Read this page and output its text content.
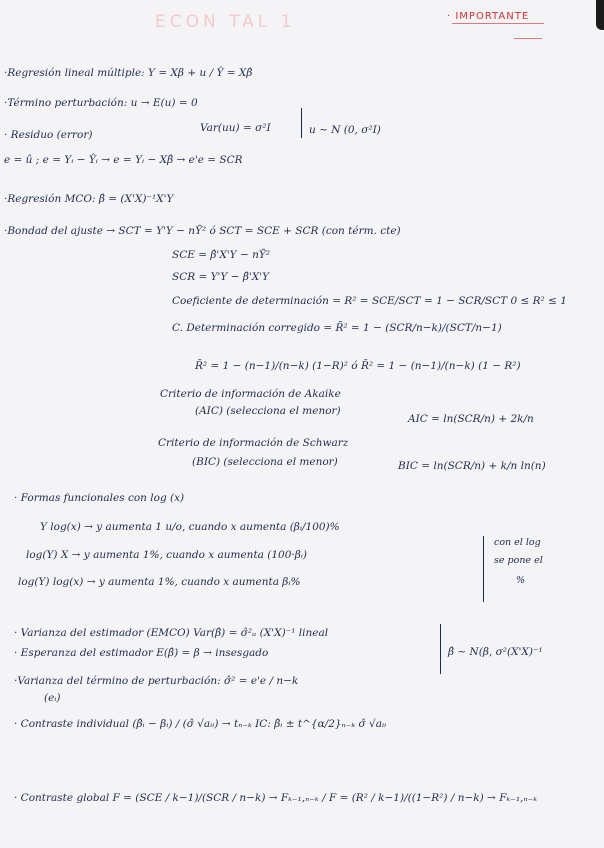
ECON TAL 1	· IMPORTANTE
·Regresión lineal múltiple: Y = Xβ + u / Ŷ = Xβ̂
·Término perturbación: u → E(u) = 0
Var(uu) = σ²I	u ~ N (0, σ²I)
· Residuo (error)
e = û ; e = Yᵢ − Ŷᵢ → e = Yᵢ − Xβ̂ → e'e = SCR
·Regresión MCO: β̂ = (X'X)⁻¹X'Y
·Bondad del ajuste → SCT = Y'Y − nȲ² ó SCT = SCE + SCR (con térm. cte)
SCE = β̂'X'Y − nȲ²
SCR = Y'Y − β̂'X'Y
Coeficiente de determinación = R² = SCE/SCT = 1 − SCR/SCT 0 ≤ R² ≤ 1
C. Determinación corregido = R̄² = 1 − (SCR/n−k)/(SCT/n−1)
R̄² = 1 − (n−1)/(n−k) (1−R)² ó R̄² = 1 − (n−1)/(n−k) (1 − R²)
Criterio de información de Akaike
(AIC) (selecciona el menor)
AIC = ln(SCR/n) + 2k/n
Criterio de información de Schwarz
(BIC) (selecciona el menor)	BIC = ln(SCR/n) + k/n ln(n)
· Formas funcionales con log (x)
Y log(x) → y aumenta 1 u/o, cuando x aumenta (βᵢ/100)%
log(Y) X → y aumenta 1%, cuando x aumenta (100·βᵢ)
log(Y) log(x) → y aumenta 1%, cuando x aumenta βᵢ%
con el log
se pone el
%
· Varianza del estimador (EMCO) Var(β̂) = σ̂²ᵤ (X'X)⁻¹ lineal
· Esperanza del estimador E(β̂) = β → insesgado	β̂ ~ N(β, σ²(X'X)⁻¹
·Varianza del término de perturbación: σ̂² = e'e / n−k
(eᵢ)
· Contraste individual (β̂ᵢ − βᵢ) / (σ̂ √aᵢᵢ) → tₙ₋ₖ IC: β̂ᵢ ± t^{α/2}ₙ₋ₖ σ̂ √aᵢᵢ
· Contraste global F = (SCE / k−1)/(SCR / n−k) → Fₖ₋₁,ₙ₋ₖ / F = (R² / k−1)/((1−R²) / n−k) → Fₖ₋₁,ₙ₋ₖ
